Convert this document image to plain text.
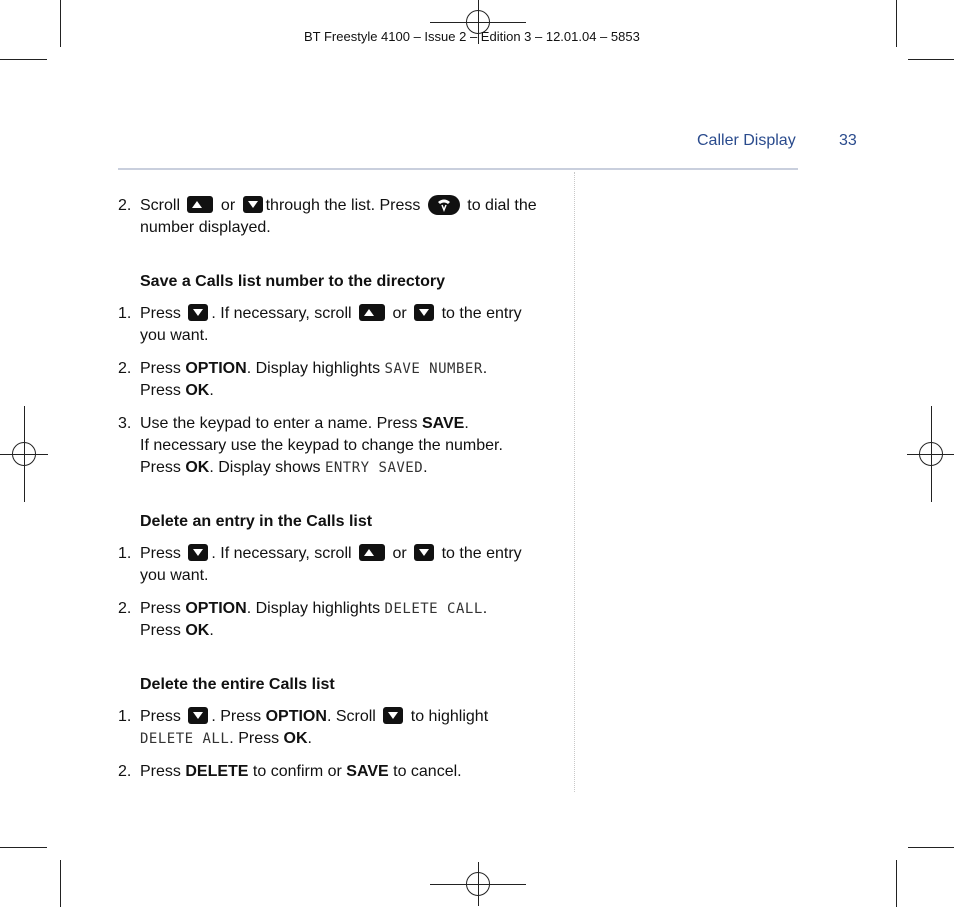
BT Freestyle 4100 – Issue 2 – Edition 3 – 12.01.04 – 5853
Caller Display	33
2. Scroll	or through the list. Press	to dial the
number displayed.
Save a Calls list number to the directory
1. Press . If necessary, scroll	or to the entry
you want.
2. Press OPTION. Display highlights SAVE NUMBER.
Press OK.
3. Use the keypad to enter a name. Press SAVE.
If necessary use the keypad to change the number.
Press OK. Display shows ENTRY SAVED.
Delete an entry in the Calls list
1. Press . If necessary, scroll	or to the entry
you want.
2. Press OPTION. Display highlights DELETE CALL.
Press OK.
Delete the entire Calls list
1. Press . Press OPTION. Scroll to highlight
DELETE ALL. Press OK.
2. Press DELETE to confirm or SAVE to cancel.
